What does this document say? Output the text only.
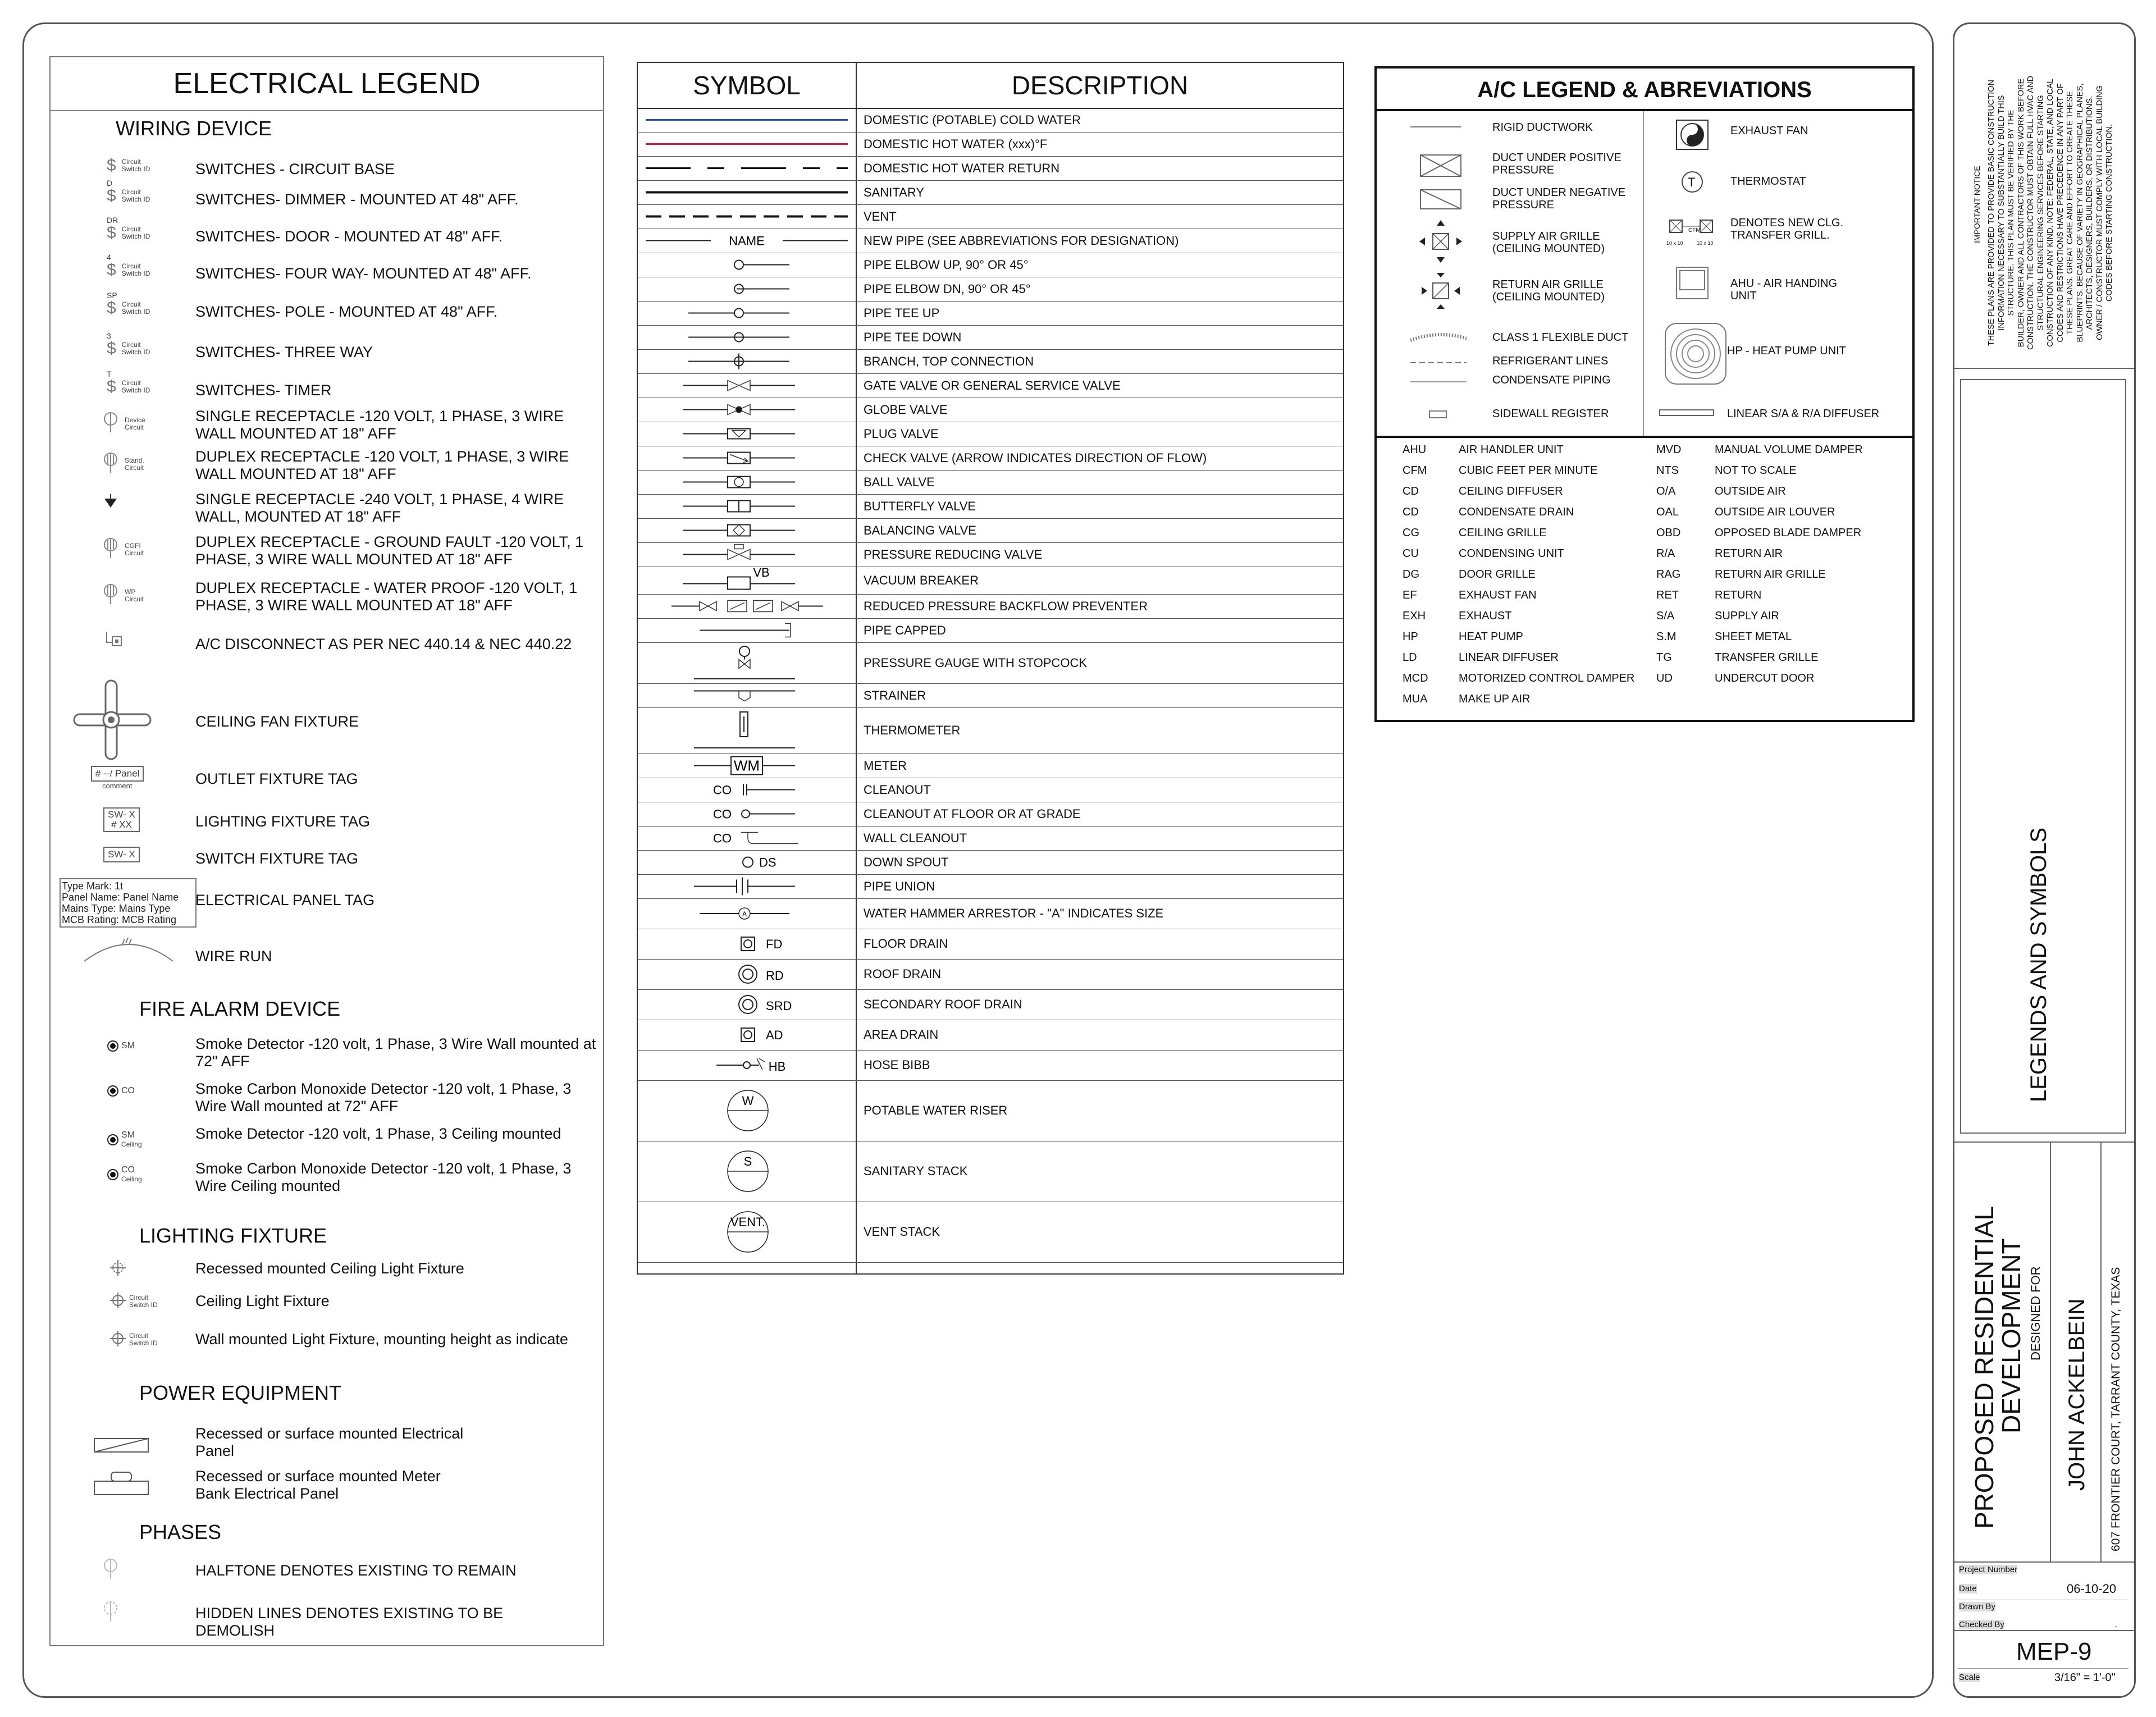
ELECTRICAL LEGEND
WIRING DEVICE
$ Circuit
Switch ID	SWITCHES - CIRCUIT BASE
D
$ Circuit
Switch ID	SWITCHES- DIMMER - MOUNTED AT 48" AFF.
DR
$ Circuit
Switch ID	SWITCHES- DOOR - MOUNTED AT 48" AFF.
4
$ Circuit
Switch ID	SWITCHES- FOUR WAY- MOUNTED AT 48" AFF.
SP
$ Circuit
Switch ID	SWITCHES- POLE - MOUNTED AT 48" AFF.
3
$ Circuit
Switch ID	SWITCHES- THREE WAY
T
$ Circuit
Switch ID	SWITCHES- TIMER
Device Circuit
SINGLE RECEPTACLE -120 VOLT, 1 PHASE, 3 WIRE WALL MOUNTED AT 18" AFF
Stand. Circuit
DUPLEX RECEPTACLE -120 VOLT, 1 PHASE, 3 WIRE WALL MOUNTED AT 18" AFF
SINGLE RECEPTACLE -240 VOLT, 1 PHASE, 4 WIRE WALL, MOUNTED AT 18" AFF
CGFI Circuit
DUPLEX RECEPTACLE - GROUND FAULT -120 VOLT, 1 PHASE, 3 WIRE WALL MOUNTED AT 18" AFF
WP Circuit
DUPLEX RECEPTACLE - WATER PROOF -120 VOLT, 1 PHASE, 3 WIRE WALL MOUNTED AT 18" AFF
A/C DISCONNECT AS PER NEC 440.14 & NEC 440.22
CEILING FAN FIXTURE
# --/ Panel
comment	OUTLET FIXTURE TAG
SW- X
# XX	LIGHTING FIXTURE TAG
SW- X	SWITCH FIXTURE TAG
Type Mark: 1t
Panel Name: Panel Name
Mains Type: Mains Type
MCB Rating: MCB Rating
ELECTRICAL PANEL TAG
WIRE RUN
FIRE ALARM DEVICE
SM	Smoke Detector -120 volt, 1 Phase, 3 Wire Wall mounted at 72" AFF
CO	Smoke Carbon Monoxide Detector -120 volt, 1 Phase, 3 Wire Wall mounted at 72" AFF
SM
Ceiling
Smoke Detector -120 volt, 1 Phase, 3 Ceiling mounted
CO
Ceiling
Smoke Carbon Monoxide Detector -120 volt, 1 Phase, 3 Wire Ceiling mounted
LIGHTING FIXTURE
Recessed mounted Ceiling Light Fixture
Circuit
Switch ID	Ceiling Light Fixture
Circuit
Switch ID	Wall mounted Light Fixture, mounting height as indicate
POWER EQUIPMENT
Recessed or surface mounted Electrical Panel
Recessed or surface mounted Meter Bank Electrical Panel
PHASES
HALFTONE DENOTES EXISTING TO REMAIN
HIDDEN LINES DENOTES EXISTING TO BE DEMOLISH
SYMBOL	DESCRIPTION
DOMESTIC (POTABLE) COLD WATER
DOMESTIC HOT WATER (xxx)°F
DOMESTIC HOT WATER RETURN
SANITARY
VENT
NAME	NEW PIPE (SEE ABBREVIATIONS FOR DESIGNATION)
PIPE ELBOW UP, 90° OR 45°
PIPE ELBOW DN, 90° OR 45°
PIPE TEE UP
PIPE TEE DOWN
BRANCH, TOP CONNECTION
GATE VALVE OR GENERAL SERVICE VALVE
GLOBE VALVE
PLUG VALVE
CHECK VALVE (ARROW INDICATES DIRECTION OF FLOW)
BALL VALVE
BUTTERFLY VALVE
BALANCING VALVE
PRESSURE REDUCING VALVE
VB
VACUUM BREAKER
REDUCED PRESSURE BACKFLOW PREVENTER
PIPE CAPPED
PRESSURE GAUGE WITH STOPCOCK
STRAINER
THERMOMETER
WM	METER
CO	CLEANOUT
CO	CLEANOUT AT FLOOR OR AT GRADE
CO	WALL CLEANOUT
DS	DOWN SPOUT
PIPE UNION
A	WATER HAMMER ARRESTOR - "A" INDICATES SIZE
FD	FLOOR DRAIN
RD	ROOF DRAIN
SRD	SECONDARY ROOF DRAIN
AD	AREA DRAIN
HB	HOSE BIBB
W
POTABLE WATER RISER
S
SANITARY STACK
VENT.
VENT STACK
A/C LEGEND & ABREVIATIONS
RIGID DUCTWORK
DUCT UNDER POSITIVE PRESSURE
DUCT UNDER NEGATIVE PRESSURE
SUPPLY AIR GRILLE (CEILING MOUNTED)
RETURN AIR GRILLE (CEILING MOUNTED)
CLASS 1 FLEXIBLE DUCT
REFRIGERANT LINES
CONDENSATE PIPING
SIDEWALL REGISTER
T
CFM
10 x 10	10 x 10
EXHAUST FAN
THERMOSTAT
DENOTES NEW CLG. TRANSFER GRILL.
AHU - AIR HANDING UNIT
HP - HEAT PUMP UNIT
LINEAR S/A & R/A DIFFUSER
AHU	AIR HANDLER UNIT
CFM	CUBIC FEET PER MINUTE
CD	CEILING DIFFUSER
CD	CONDENSATE DRAIN
CG	CEILING GRILLE
CU	CONDENSING UNIT
DG	DOOR GRILLE
EF	EXHAUST FAN
EXH	EXHAUST
HP	HEAT PUMP
LD	LINEAR DIFFUSER
MCD	MOTORIZED CONTROL DAMPER
MUA	MAKE UP AIR
MVD	MANUAL VOLUME DAMPER
NTS	NOT TO SCALE
O/A	OUTSIDE AIR
OAL	OUTSIDE AIR LOUVER
OBD	OPPOSED BLADE DAMPER
R/A	RETURN AIR
RAG	RETURN AIR GRILLE
RET	RETURN
S/A	SUPPLY AIR
S.M	SHEET METAL
TG	TRANSFER GRILLE
UD	UNDERCUT DOOR
IMPORTANT NOTICE THESE PLANS ARE PROVIDED TO PROVIDE BASIC CONSTRUCTION INFORMATION NECESSARY TO SUBSTANTIALLY BUILD THIS STRUCTURE. THIS PLAN MUST BE VERIFIED BY THE BUILDER, OWNER AND ALL CONTRACTORS OF THIS WORK BEFORE CONSTRUCTION. THE CONSTRUCTOR MUST OBTAIN FULL HVAC AND STRUCTURAL ENGINEERING SERVICES BEFORE STARTING CONSTRUCTION OF ANY KIND. NOTE: FEDERAL, STATE, AND LOCAL CODES AND RESTRICTIONS HAVE PRECEDENCE IN ANY PART OF THESE PLANS. GREAT CARE AND EFFORT TO CREATE THESE BLUEPRINTS. BECAUSE OF VARIETY IN GEOGRAPHICAL PLANES, ARCHITECTS, DESIGNERS, BUILDERS, OR DISTRIBUTIONS. OWNER / CONSTRUCTOR MUST COMPLY WITH LOCAL BUILDING CODES BEFORE STARTING CONSTRUCTION.
LEGENDS AND SYMBOLS
PROPOSED RESIDENTIAL
DEVELOPMENT DESIGNED FOR JOHN ACKELBEIN 607 FRONTIER COURT, TARRANT COUNTY, TEXAS
Project Number
Date	06-10-20
Drawn By
Checked By	.
MEP-9
Scale	3/16" = 1'-0"
